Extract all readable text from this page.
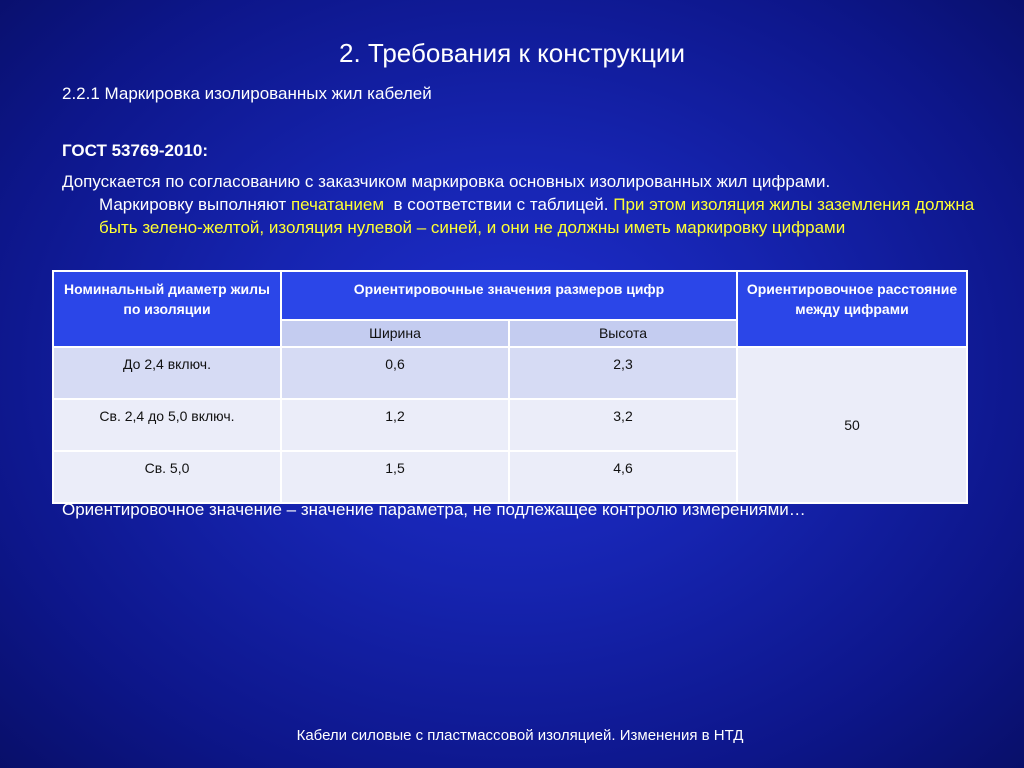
2. Требования к конструкции
2.2.1 Маркировка изолированных жил кабелей
ГОСТ 53769-2010:
Допускается по согласованию с заказчиком маркировка основных изолированных жил цифрами.
Маркировку выполняют печатанием  в соответствии с таблицей. При этом изоляция жилы заземления должна быть зелено-желтой, изоляция нулевой – синей, и они не должны иметь маркировку цифрами
Номинальный диаметр жилы по изоляции	Ориентировочные значения размеров цифр		Ориентировочное расстояние между цифрами

	Ширина	Высота	

До 2,4 включ.	0,6	2,3	50

Св. 2,4 до 5,0 включ.	1,2	3,2	

Св. 5,0	1,5	4,6	
Ориентировочное значение – значение параметра, не подлежащее контролю измерениями…
Кабели силовые с пластмассовой изоляцией. Изменения в НТД
